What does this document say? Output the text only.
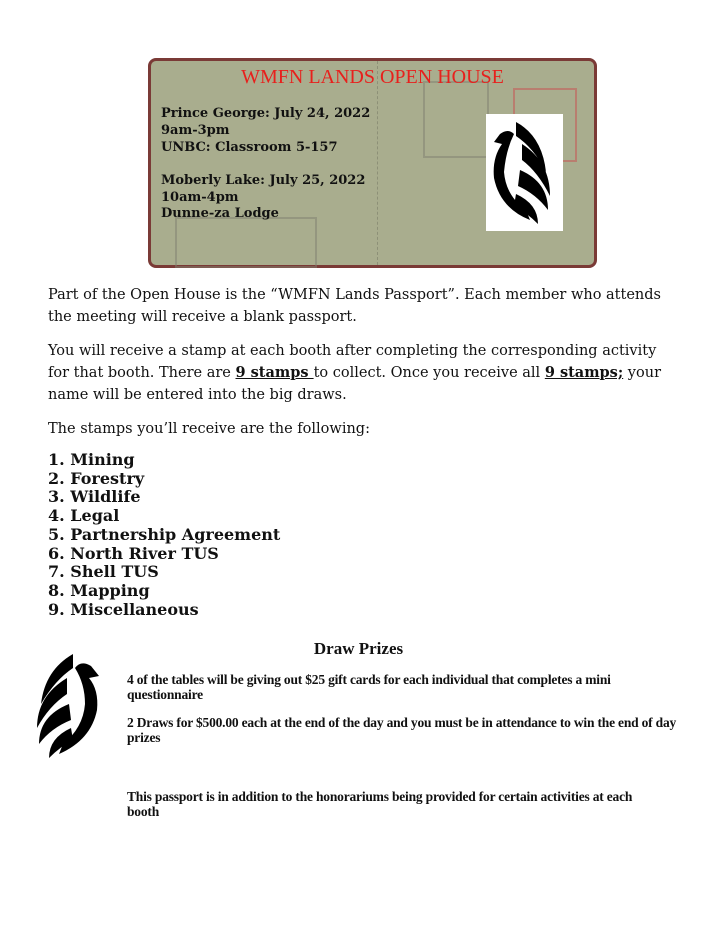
WMFN LANDS OPEN HOUSE
Prince George: July 24, 2022
9am-3pm
UNBC: Classroom 5-157
Moberly Lake: July 25, 2022
10am-4pm
Dunne-za Lodge
Part of the Open House is the “WMFN Lands Passport”. Each member who attends the meeting will receive a blank passport.
You will receive a stamp at each booth after completing the corresponding activity for that booth. There are 9 stamps to collect. Once you receive all 9 stamps; your name will be entered into the big draws.
The stamps you’ll receive are the following:
1. Mining
2. Forestry
3. Wildlife
4. Legal
5. Partnership Agreement
6. North River TUS
7. Shell TUS
8. Mapping
9. Miscellaneous
Draw Prizes
4 of the tables will be giving out $25 gift cards for each individual that completes a mini questionnaire
2 Draws for $500.00 each at the end of the day and you must be in attendance to win the end of day prizes
This passport is in addition to the honorariums being provided for certain activities at each booth
